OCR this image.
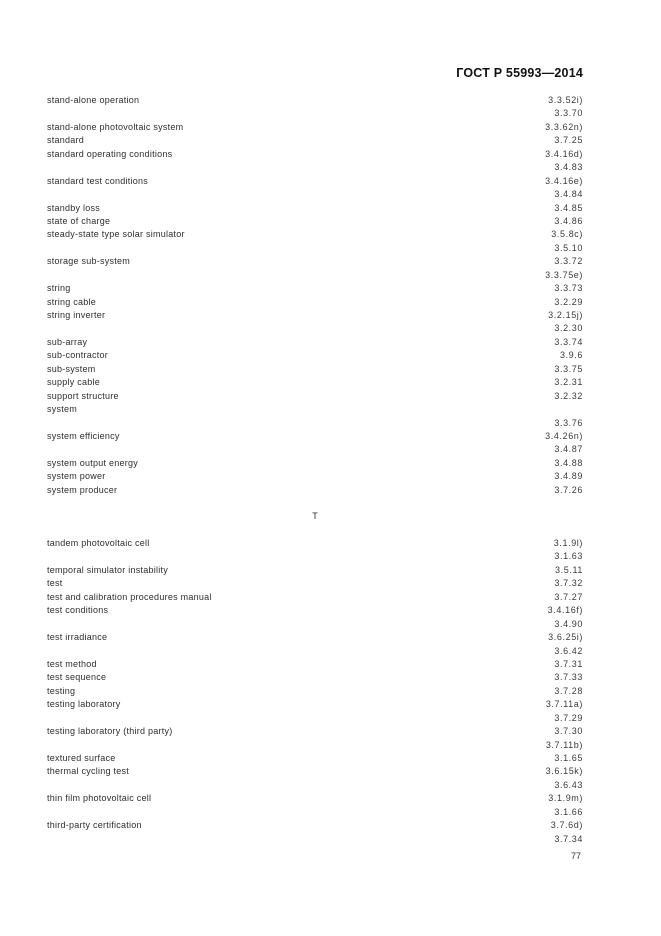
ГОСТ Р 55993—2014
stand-alone operation	3.3.52i)
3.3.70
stand-alone photovoltaic system	3.3.62n)
standard	3.7.25
standard operating conditions	3.4.16d)
3.4.83
standard test conditions	3.4.16e)
3.4.84
standby loss	3.4.85
state of charge	3.4.86
steady-state type solar simulator	3.5.8c)
3.5.10
storage sub-system	3.3.72
3.3.75e)
string	3.3.73
string cable	3.2.29
string inverter	3.2.15j)
3.2.30
sub-array	3.3.74
sub-contractor	3.9.6
sub-system	3.3.75
supply cable	3.2.31
support structure	3.2.32
system
3.3.76
system efficiency	3.4.26n)
3.4.87
system output energy	3.4.88
system power	3.4.89
system producer	3.7.26
T
tandem photovoltaic cell	3.1.9l)
3.1.63
temporal simulator instability	3.5.11
test	3.7.32
test and calibration procedures manual	3.7.27
test conditions	3.4.16f)
3.4.90
test irradiance	3.6.25i)
3.6.42
test method	3.7.31
test sequence	3.7.33
testing	3.7.28
testing laboratory	3.7.11a)
3.7.29
testing laboratory (third party)	3.7.30
3.7.11b)
textured surface	3.1.65
thermal cycling test	3.6.15k)
3.6.43
thin film photovoltaic cell	3.1.9m)
3.1.66
third-party certification	3.7.6d)
3.7.34
77
